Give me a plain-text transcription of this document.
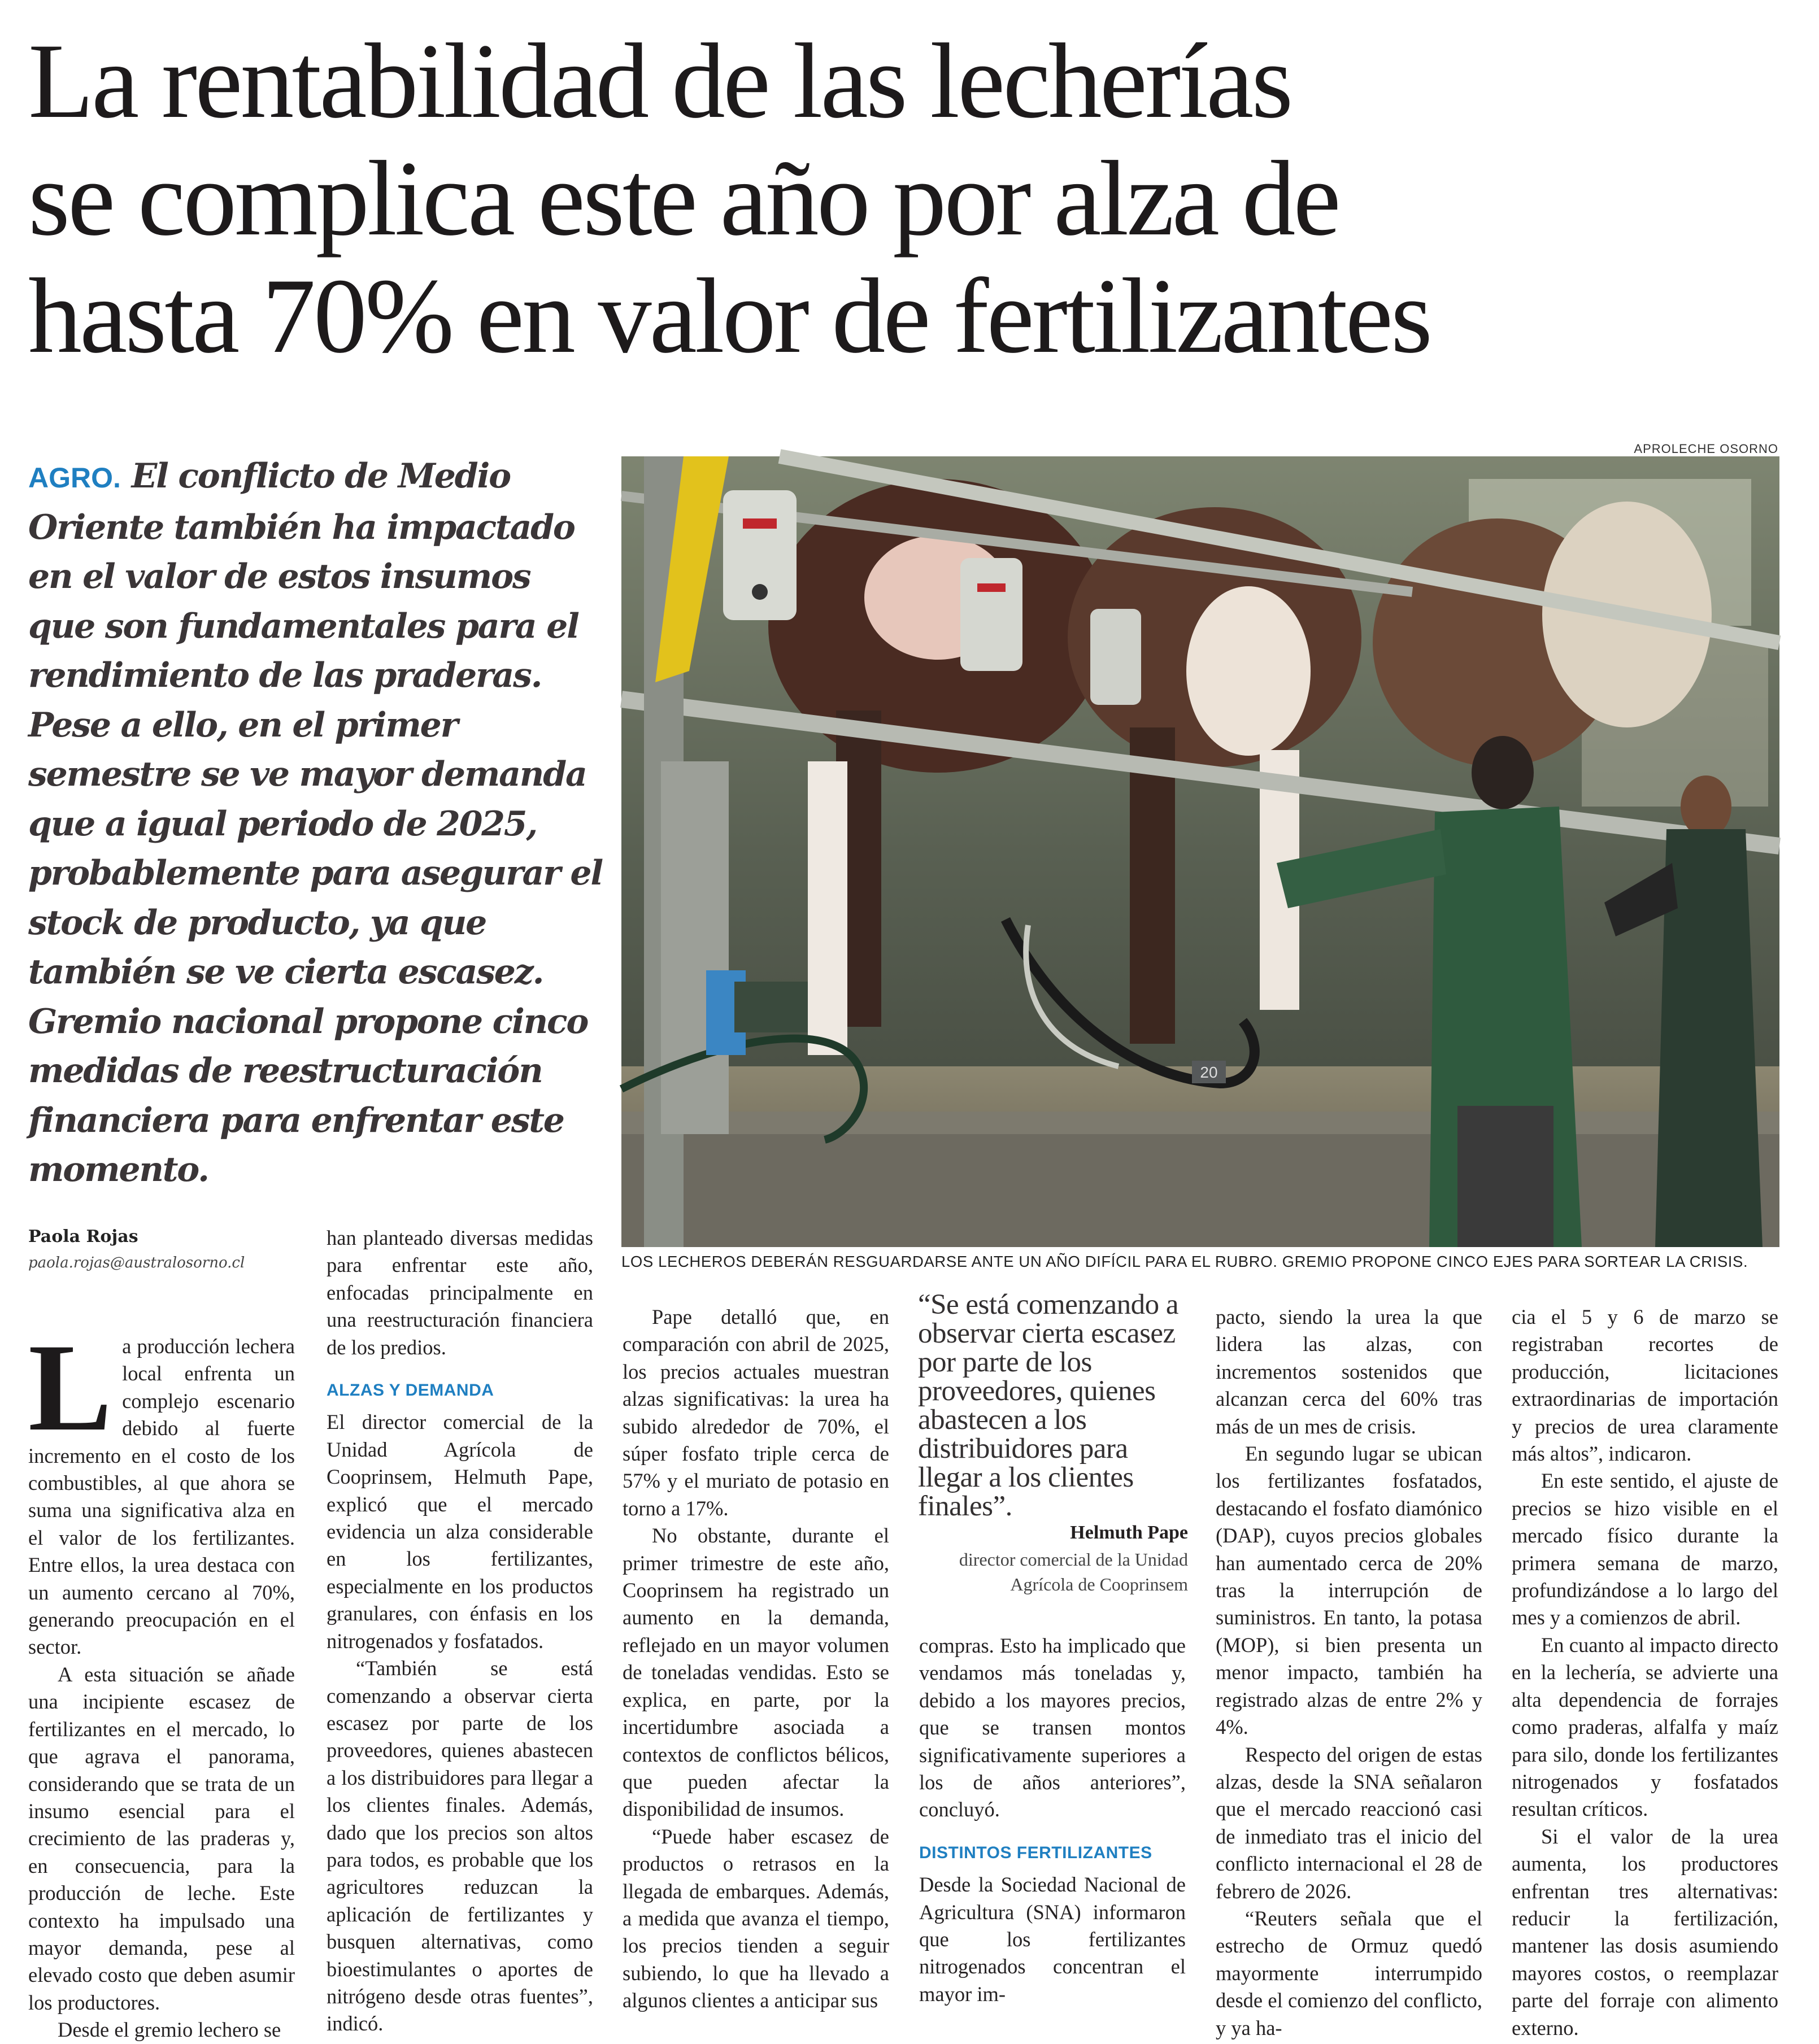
La rentabilidad de las lecherías
se complica este año por alza de
hasta 70% en valor de fertilizantes
AGRO. El conflicto de Medio Oriente también ha impactado en el valor de estos insumos que son fundamentales para el rendimiento de las praderas. Pese a ello, en el primer semestre se ve mayor demanda que a igual periodo de 2025, probablemente para asegurar el stock de producto, ya que también se ve cierta escasez. Gremio nacional propone cinco medidas de reestructuración financiera para enfrentar este momento.
APROLECHE OSORNO
20
LOS LECHEROS DEBERÁN RESGUARDARSE ANTE UN AÑO DIFÍCIL PARA EL RUBRO. GREMIO PROPONE CINCO EJES PARA SORTEAR LA CRISIS.
Paola Rojas
paola.rojas@australosorno.cl
L a producción lechera local enfrenta un complejo escenario debido al fuerte incremento en el costo de los combustibles, al que ahora se suma una significativa alza en el valor de los fertilizantes. Entre ellos, la urea destaca con un aumento cercano al 70%, generando preocupación en el sector.

A esta situación se añade una incipiente escasez de fertilizantes en el mercado, lo que agrava el panorama, considerando que se trata de un insumo esencial para el crecimiento de las praderas y, en consecuencia, para la producción de leche. Este contexto ha impulsado una mayor demanda, pese al elevado costo que deben asumir los productores.

Desde el gremio lechero se

han planteado diversas medidas para enfrentar este año, enfocadas principalmente en una reestructuración financiera de los predios.

ALZAS Y DEMANDA

El director comercial de la Unidad Agrícola de Cooprinsem, Helmuth Pape, explicó que el mercado evidencia un alza considerable en los fertilizantes, especialmente en los productos granulares, con énfasis en los nitrogenados y fosfatados.

“También se está comenzando a observar cierta escasez por parte de los proveedores, quienes abastecen a los distribuidores para llegar a los clientes finales. Además, dado que los precios son altos para todos, es probable que los agricultores reduzcan la aplicación de fertilizantes y busquen alternativas, como bioestimulantes o aportes de nitrógeno desde otras fuentes”, indicó.

Pape detalló que, en comparación con abril de 2025, los precios actuales muestran alzas significativas: la urea ha subido alrededor de 70%, el súper fosfato triple cerca de 57% y el muriato de potasio en torno a 17%.

No obstante, durante el primer trimestre de este año, Cooprinsem ha registrado un aumento en la demanda, reflejado en un mayor volumen de toneladas vendidas. Esto se explica, en parte, por la incertidumbre asociada a contextos de conflictos bélicos, que pueden afectar la disponibilidad de insumos.

“Puede haber escasez de productos o retrasos en la llegada de embarques. Además, a medida que avanza el tiempo, los precios tienden a seguir subiendo, lo que ha llevado a algunos clientes a anticipar sus

“Se está comenzando a observar cierta escasez por parte de los proveedores, quienes abastecen a los distribuidores para llegar a los clientes finales”.
Helmuth Pape
director comercial de la Unidad Agrícola de Cooprinsem

compras. Esto ha implicado que vendamos más toneladas y, debido a los mayores precios, que se transen montos significativamente superiores a los de años anteriores”, concluyó.

DISTINTOS FERTILIZANTES

Desde la Sociedad Nacional de Agricultura (SNA) informaron que los fertilizantes nitrogenados concentran el mayor im-

pacto, siendo la urea la que lidera las alzas, con incrementos sostenidos que alcanzan cerca del 60% tras más de un mes de crisis.

En segundo lugar se ubican los fertilizantes fosfatados, destacando el fosfato diamónico (DAP), cuyos precios globales han aumentado cerca de 20% tras la interrupción de suministros. En tanto, la potasa (MOP), si bien presenta un menor impacto, también ha registrado alzas de entre 2% y 4%.

Respecto del origen de estas alzas, desde la SNA señalaron que el mercado reaccionó casi de inmediato tras el inicio del conflicto internacional el 28 de febrero de 2026.

“Reuters señala que el estrecho de Ormuz quedó mayormente interrumpido desde el comienzo del conflicto, y ya ha-

cia el 5 y 6 de marzo se registraban recortes de producción, licitaciones extraordinarias de importación y precios de urea claramente más altos”, indicaron.

En este sentido, el ajuste de precios se hizo visible en el mercado físico durante la primera semana de marzo, profundizándose a lo largo del mes y a comienzos de abril.

En cuanto al impacto directo en la lechería, se advierte una alta dependencia de forrajes como praderas, alfalfa y maíz para silo, donde los fertilizantes nitrogenados y fosfatados resultan críticos.

Si el valor de la urea aumenta, los productores enfrentan tres alternativas: reducir la fertilización, mantener las dosis asumiendo mayores costos, o reemplazar parte del forraje con alimento externo.
